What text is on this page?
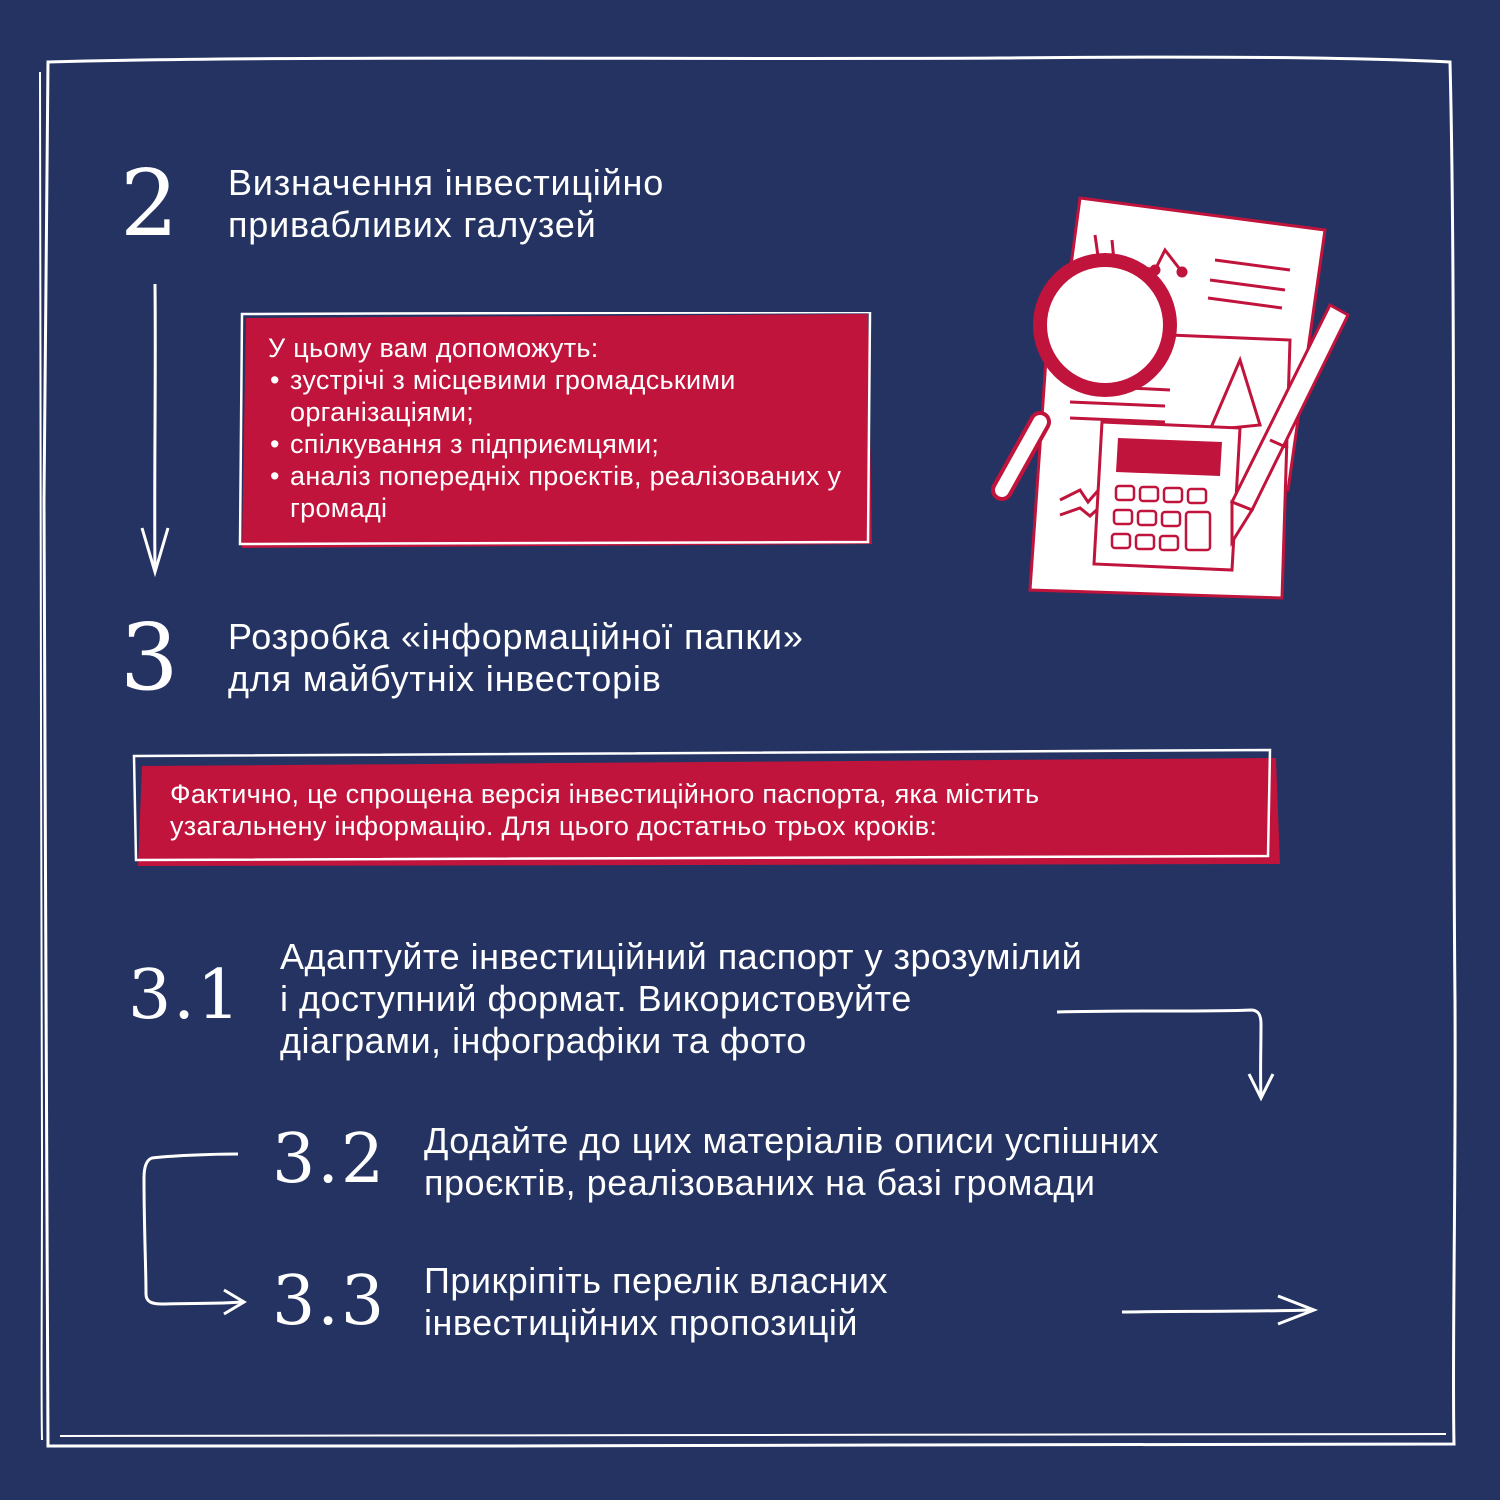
2 Визначення інвестиційно
привабливих галузей
У цьому вам допоможуть:
• зустрічі з місцевими громадськими організаціями;
• спілкування з підприємцями;
• аналіз попередніх проєктів, реалізованих у громаді
3 Розробка «інформаційної папки»
для майбутніх інвесторів
Фактично, це спрощена версія інвестиційного паспорта, яка містить
узагальнену інформацію. Для цього достатньо трьох кроків:
3.1 Адаптуйте інвестиційний паспорт у зрозумілий
і доступний формат. Використовуйте
діаграми, інфографіки та фото
3.2 Додайте до цих матеріалів описи успішних
проєктів, реалізованих на базі громади
3.3 Прикріпіть перелік власних
інвестиційних пропозицій
